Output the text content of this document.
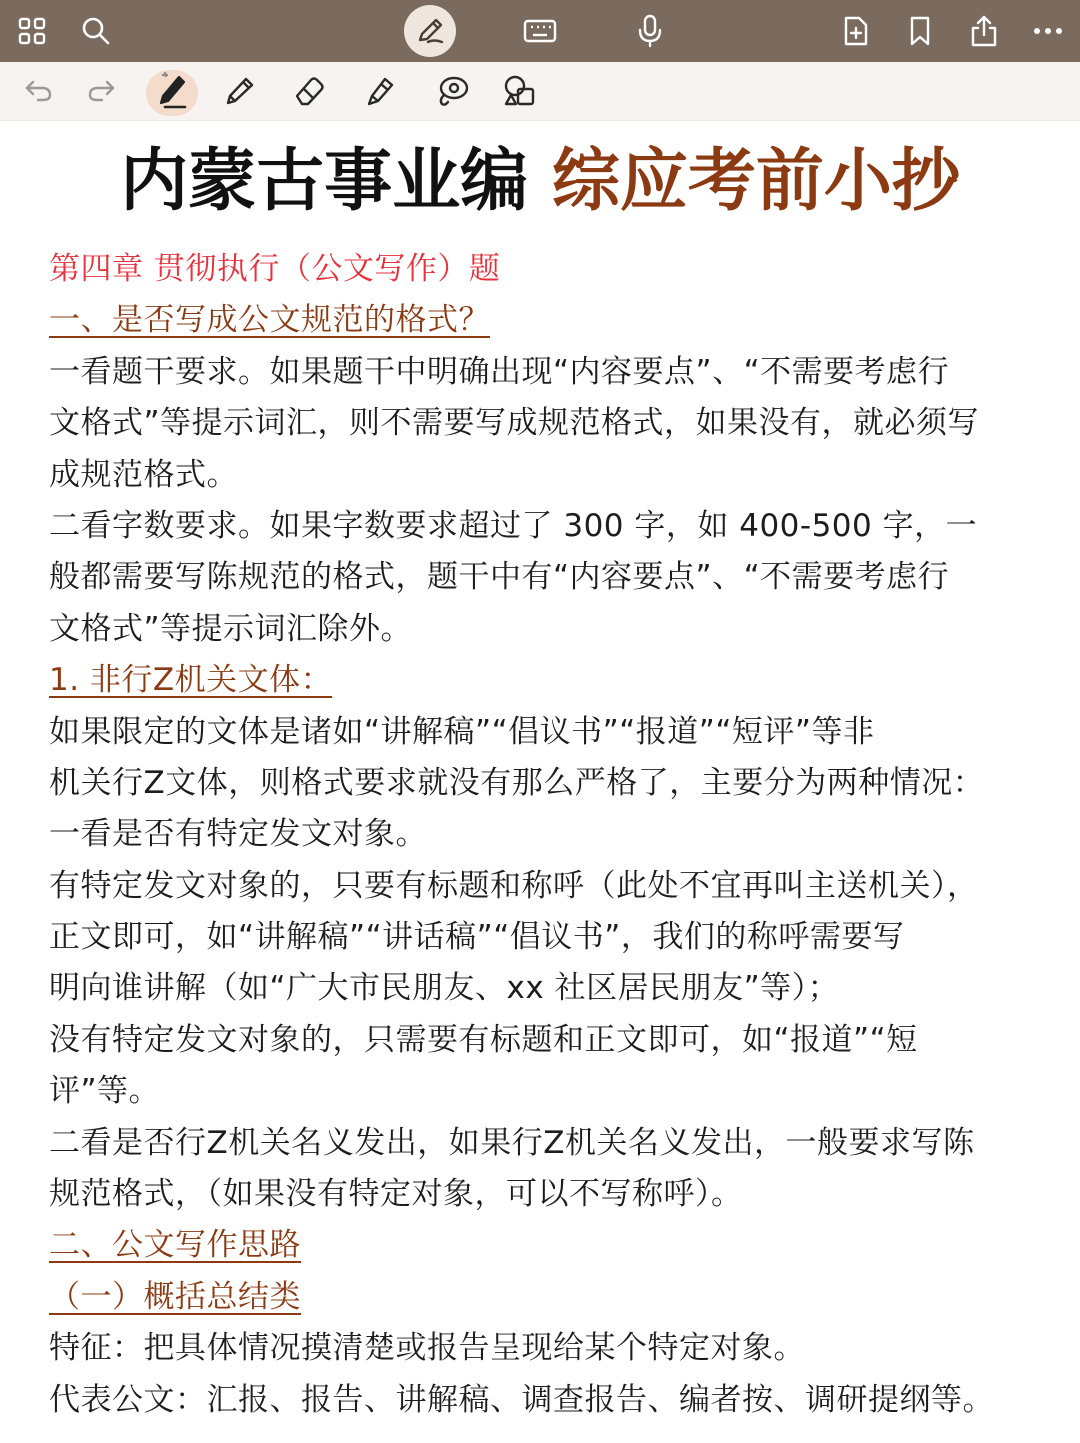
内蒙古事业编 综应考前小抄
第四章 贯彻执行（公文写作）题
一、是否写成公文规范的格式？
一看题干要求。如果题干中明确出现“内容要点”、“不需要考虑行
文格式”等提示词汇，则不需要写成规范格式，如果没有，就必须写
成规范格式。
二看字数要求。如果字数要求超过了 300 字，如 400-500 字，一
般都需要写陈规范的格式，题干中有“内容要点”、“不需要考虑行
文格式”等提示词汇除外。
1. 非行Z机关文体：
如果限定的文体是诸如“讲解稿”“倡议书”“报道”“短评”等非
机关行Z文体，则格式要求就没有那么严格了，主要分为两种情况：
一看是否有特定发文对象。
有特定发文对象的，只要有标题和称呼（此处不宜再叫主送机关），
正文即可，如“讲解稿”“讲话稿”“倡议书”，我们的称呼需要写
明向谁讲解（如“广大市民朋友、xx 社区居民朋友”等）；
没有特定发文对象的，只需要有标题和正文即可，如“报道”“短
评”等。
二看是否行Z机关名义发出，如果行Z机关名义发出，一般要求写陈
规范格式，（如果没有特定对象，可以不写称呼）。
二、公文写作思路
（一）概括总结类
特征：把具体情况摸清楚或报告呈现给某个特定对象。
代表公文：汇报、报告、讲解稿、调查报告、编者按、调研提纲等。
